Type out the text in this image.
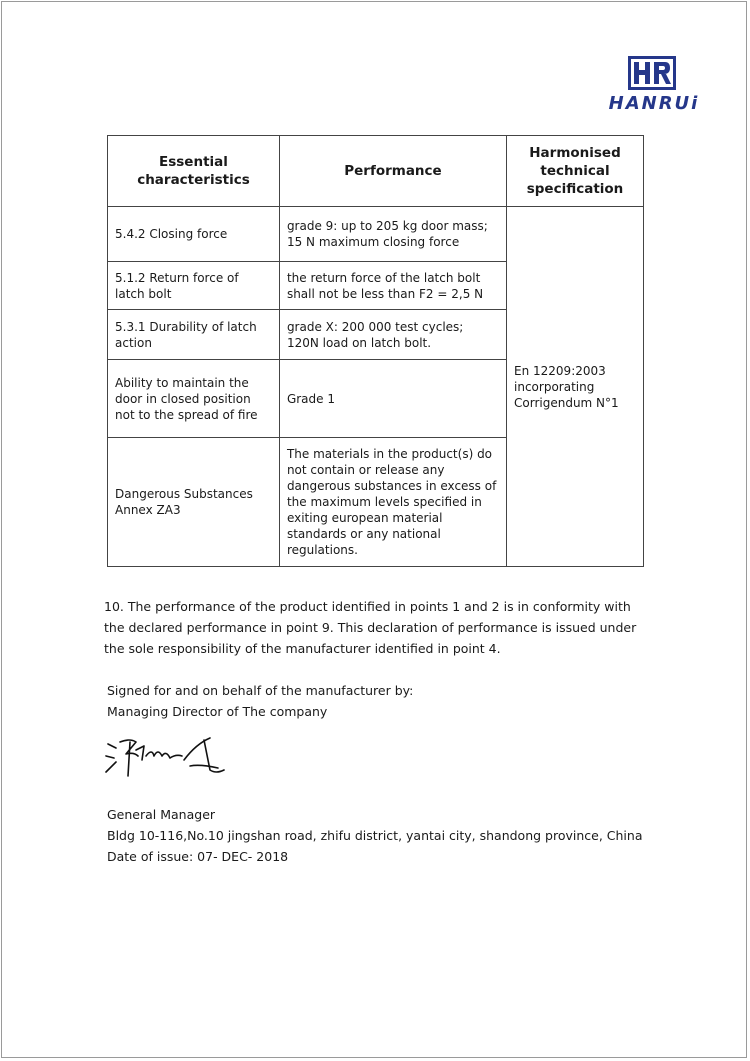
HANRUi
Essential characteristics	Performance	Harmonised technical specification
5.4.2 Closing force	grade 9: up to 205 kg door mass; 15 N maximum closing force	En 12209:2003 incorporating Corrigendum N°1
5.1.2 Return force of latch bolt	the return force of the latch bolt shall not be less than F2 = 2,5 N	
5.3.1 Durability of latch action	grade X: 200 000 test cycles; 120N load on latch bolt.	
Ability to maintain the door in closed position not to the spread of fire	Grade 1	
Dangerous Substances Annex ZA3	The materials in the product(s) do not contain or release any dangerous substances in excess of the maximum levels specified in exiting european material standards or any national regulations.	
10. The performance of the product identified in points 1 and 2 is in conformity with the declared performance in point 9. This declaration of performance is issued under the sole responsibility of the manufacturer identified in point 4.
Signed for and on behalf of the manufacturer by:
Managing Director of The company
General Manager
Bldg 10-116,No.10 jingshan road, zhifu district, yantai city, shandong province, China
Date of issue: 07- DEC- 2018
